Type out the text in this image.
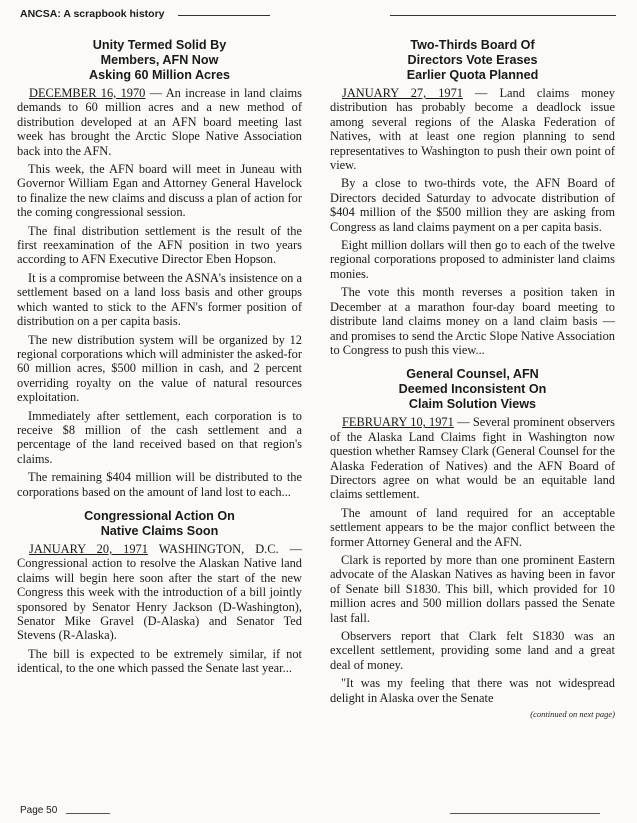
ANCSA: A scrapbook history
Unity Termed Solid By
Members, AFN Now
Asking 60 Million Acres

DECEMBER 16, 1970 — An increase in land claims demands to 60 million acres and a new method of distribution developed at an AFN board meeting last week has brought the Arctic Slope Native Association back into the AFN.

This week, the AFN board will meet in Juneau with Governor William Egan and Attorney General Havelock to finalize the new claims and discuss a plan of action for the coming congressional session.

The final distribution settlement is the result of the first reexamination of the AFN position in two years according to AFN Executive Director Eben Hopson.

It is a compromise between the ASNA's insistence on a settlement based on a land loss basis and other groups which wanted to stick to the AFN's former position of distribution on a per capita basis.

The new distribution system will be organized by 12 regional corporations which will administer the asked-for 60 million acres, $500 million in cash, and 2 percent overriding royalty on the value of natural resources exploitation.

Immediately after settlement, each corporation is to receive $8 million of the cash settlement and a percentage of the land received based on that region's claims.

The remaining $404 million will be distributed to the corporations based on the amount of land lost to each...

Congressional Action On
Native Claims Soon

JANUARY 20, 1971 WASHINGTON, D.C. — Congressional action to resolve the Alaskan Native land claims will begin here soon after the start of the new Congress this week with the introduction of a bill jointly sponsored by Senator Henry Jackson (D-Washington), Senator Mike Gravel (D-Alaska) and Senator Ted Stevens (R-Alaska).

The bill is expected to be extremely similar, if not identical, to the one which passed the Senate last year...

Two-Thirds Board Of
Directors Vote Erases
Earlier Quota Planned

JANUARY 27, 1971 — Land claims money distribution has probably become a deadlock issue among several regions of the Alaska Federation of Natives, with at least one region planning to send representatives to Washington to push their own point of view.

By a close to two-thirds vote, the AFN Board of Directors decided Saturday to advocate distribution of $404 million of the $500 million they are asking from Congress as land claims payment on a per capita basis.

Eight million dollars will then go to each of the twelve regional corporations proposed to administer land claims monies.

The vote this month reverses a position taken in December at a marathon four-day board meeting to distribute land claims money on a land claim basis — and promises to send the Arctic Slope Native Association to Congress to push this view...

General Counsel, AFN
Deemed Inconsistent On
Claim Solution Views

FEBRUARY 10, 1971 — Several prominent observers of the Alaska Land Claims fight in Washington now question whether Ramsey Clark (General Counsel for the Alaska Federation of Natives) and the AFN Board of Directors agree on what would be an equitable land claims settlement.

The amount of land required for an acceptable settlement appears to be the major conflict between the former Attorney General and the AFN.

Clark is reported by more than one prominent Eastern advocate of the Alaskan Natives as having been in favor of Senate bill S1830. This bill, which provided for 10 million acres and 500 million dollars passed the Senate last fall.

Observers report that Clark felt S1830 was an excellent settlement, providing some land and a great deal of money.

"It was my feeling that there was not widespread delight in Alaska over the Senate

(continued on next page)
Page 50
